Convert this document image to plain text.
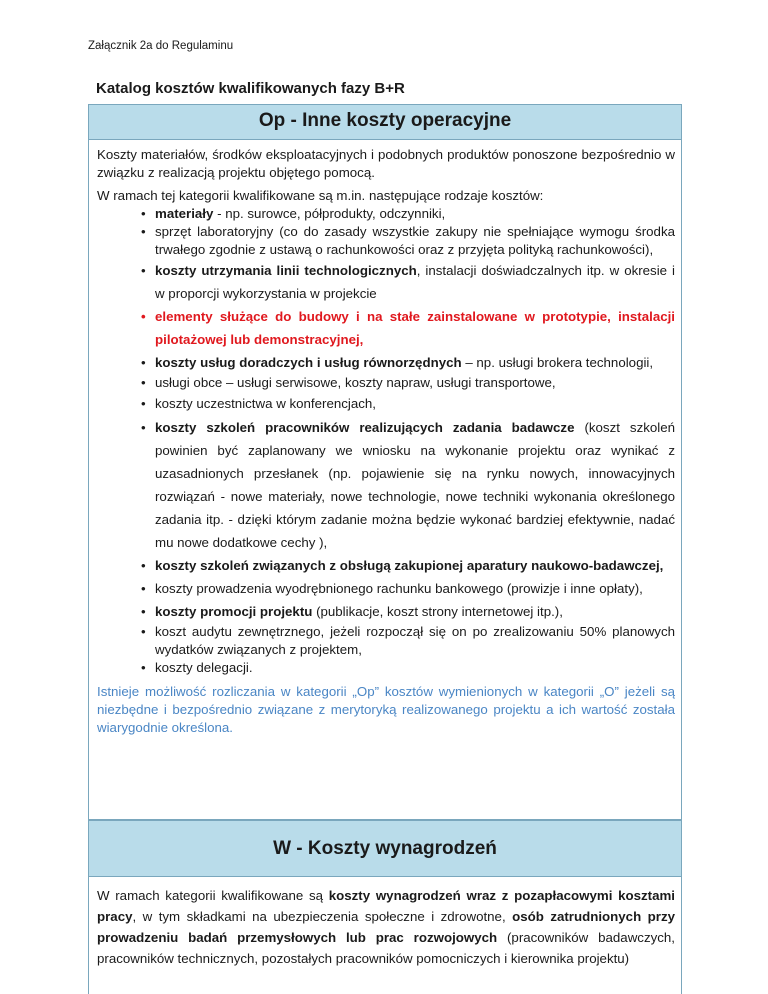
Załącznik 2a do Regulaminu
Katalog kosztów kwalifikowanych fazy B+R
Op - Inne koszty operacyjne

Koszty materiałów, środków eksploatacyjnych i podobnych produktów ponoszone bezpośrednio w związku z realizacją projektu objętego pomocą.

W ramach tej kategorii kwalifikowane są m.in. następujące rodzaje kosztów:

• materiały - np. surowce, półprodukty, odczynniki,
• sprzęt laboratoryjny (co do zasady wszystkie zakupy nie spełniające wymogu środka trwałego zgodnie z ustawą o rachunkowości oraz z przyjęta polityką rachunkowości),
• koszty utrzymania linii technologicznych, instalacji doświadczalnych itp. w okresie i w proporcji wykorzystania w projekcie
• elementy służące do budowy i na stałe zainstalowane w prototypie, instalacji pilotażowej lub demonstracyjnej,
• koszty usług doradczych i usług równorzędnych – np. usługi brokera technologii,
• usługi obce – usługi serwisowe, koszty napraw, usługi transportowe,
• koszty uczestnictwa w konferencjach,
• koszty szkoleń pracowników realizujących zadania badawcze (koszt szkoleń powinien być zaplanowany we wniosku na wykonanie projektu oraz wynikać z uzasadnionych przesłanek (np. pojawienie się na rynku nowych, innowacyjnych rozwiązań - nowe materiały, nowe technologie, nowe techniki wykonania określonego zadania itp. - dzięki którym zadanie można będzie wykonać bardziej efektywnie, nadać mu nowe dodatkowe cechy ),
• koszty szkoleń związanych z obsługą zakupionej aparatury naukowo-badawczej,
• koszty prowadzenia wyodrębnionego rachunku bankowego (prowizje i inne opłaty),
• koszty promocji projektu (publikacje, koszt strony internetowej itp.),
• koszt audytu zewnętrznego, jeżeli rozpoczął się on po zrealizowaniu 50% planowych wydatków związanych z projektem,
• koszty delegacji.

Istnieje możliwość rozliczania w kategorii „Op” kosztów wymienionych w kategorii „O” jeżeli są niezbędne i bezpośrednio związane z merytoryką realizowanego projektu a ich wartość została wiarygodnie określona.

W - Koszty wynagrodzeń

W ramach kategorii kwalifikowane są koszty wynagrodzeń wraz z pozapłacowymi kosztami pracy, w tym składkami na ubezpieczenia społeczne i zdrowotne, osób zatrudnionych przy prowadzeniu badań przemysłowych lub prac rozwojowych (pracowników badawczych, pracowników technicznych, pozostałych pracowników pomocniczych i kierownika projektu)
